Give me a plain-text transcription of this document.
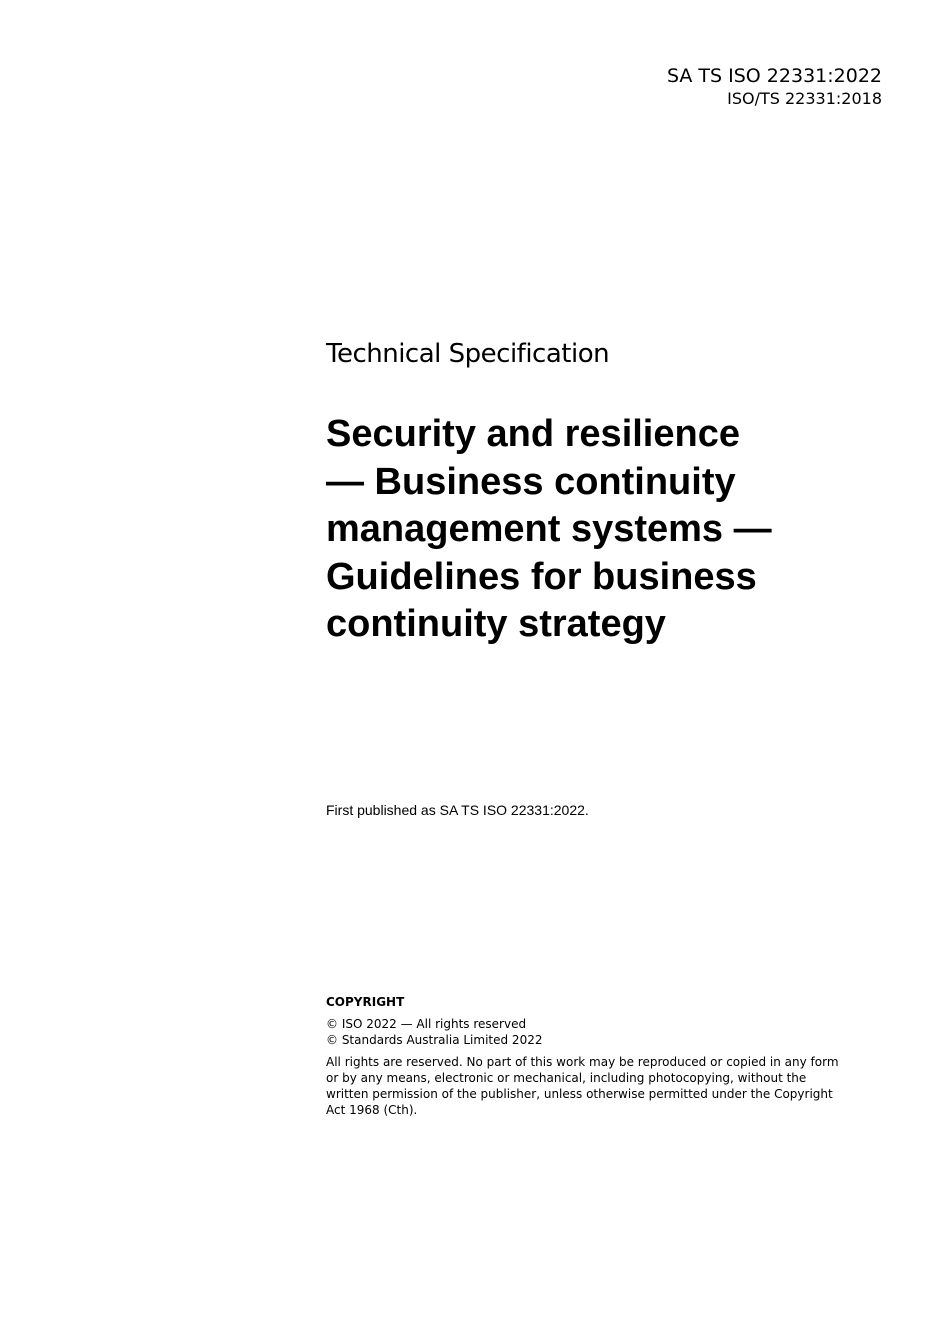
SA TS ISO 22331:2022
ISO/TS 22331:2018

Technical Specification

Security and resilience
— Business continuity
management systems —
Guidelines for business
continuity strategy

First published as SA TS ISO 22331:2022.

COPYRIGHT

© ISO 2022 — All rights reserved
© Standards Australia Limited 2022

All rights are reserved. No part of this work may be reproduced or copied in any form or by any means, electronic or mechanical, including photocopying, without the written permission of the publisher, unless otherwise permitted under the Copyright Act 1968 (Cth).
